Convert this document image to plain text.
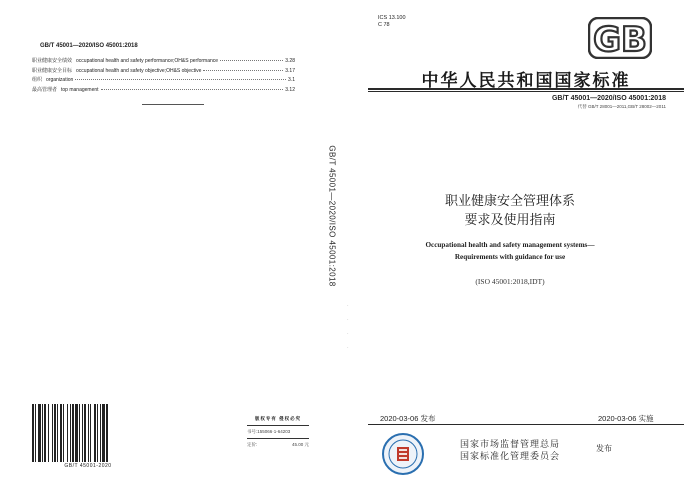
GB/T 45001—2020/ISO 45001:2018
职业健康安全绩效 occupational health and safety performance;OH&S performance	3.28
职业健康安全目标 occupational health and safety objective;OH&S objective	3.17
组织 organization	3.1
最高管理者 top management	3.12
GB/T 45001-2020
版权专有 侵权必究
书号:155066·1-64203
定价:	45.00 元
GB/T 45001—2020/ISO 45001:2018
·
·
·
·
ICS 13.100
C 78	GB
中华人民共和国国家标准
GB/T 45001—2020/ISO 45001:2018
代替 GB/T 28001—2011,GB/T 28002—2011
职业健康安全管理体系
要求及使用指南
Occupational health and safety management systems—
Requirements with guidance for use
(ISO 45001:2018,IDT)
2020-03-06 发布	2020-03-06 实施
国家市场监督管理总局
国家标准化管理委员会
发布
